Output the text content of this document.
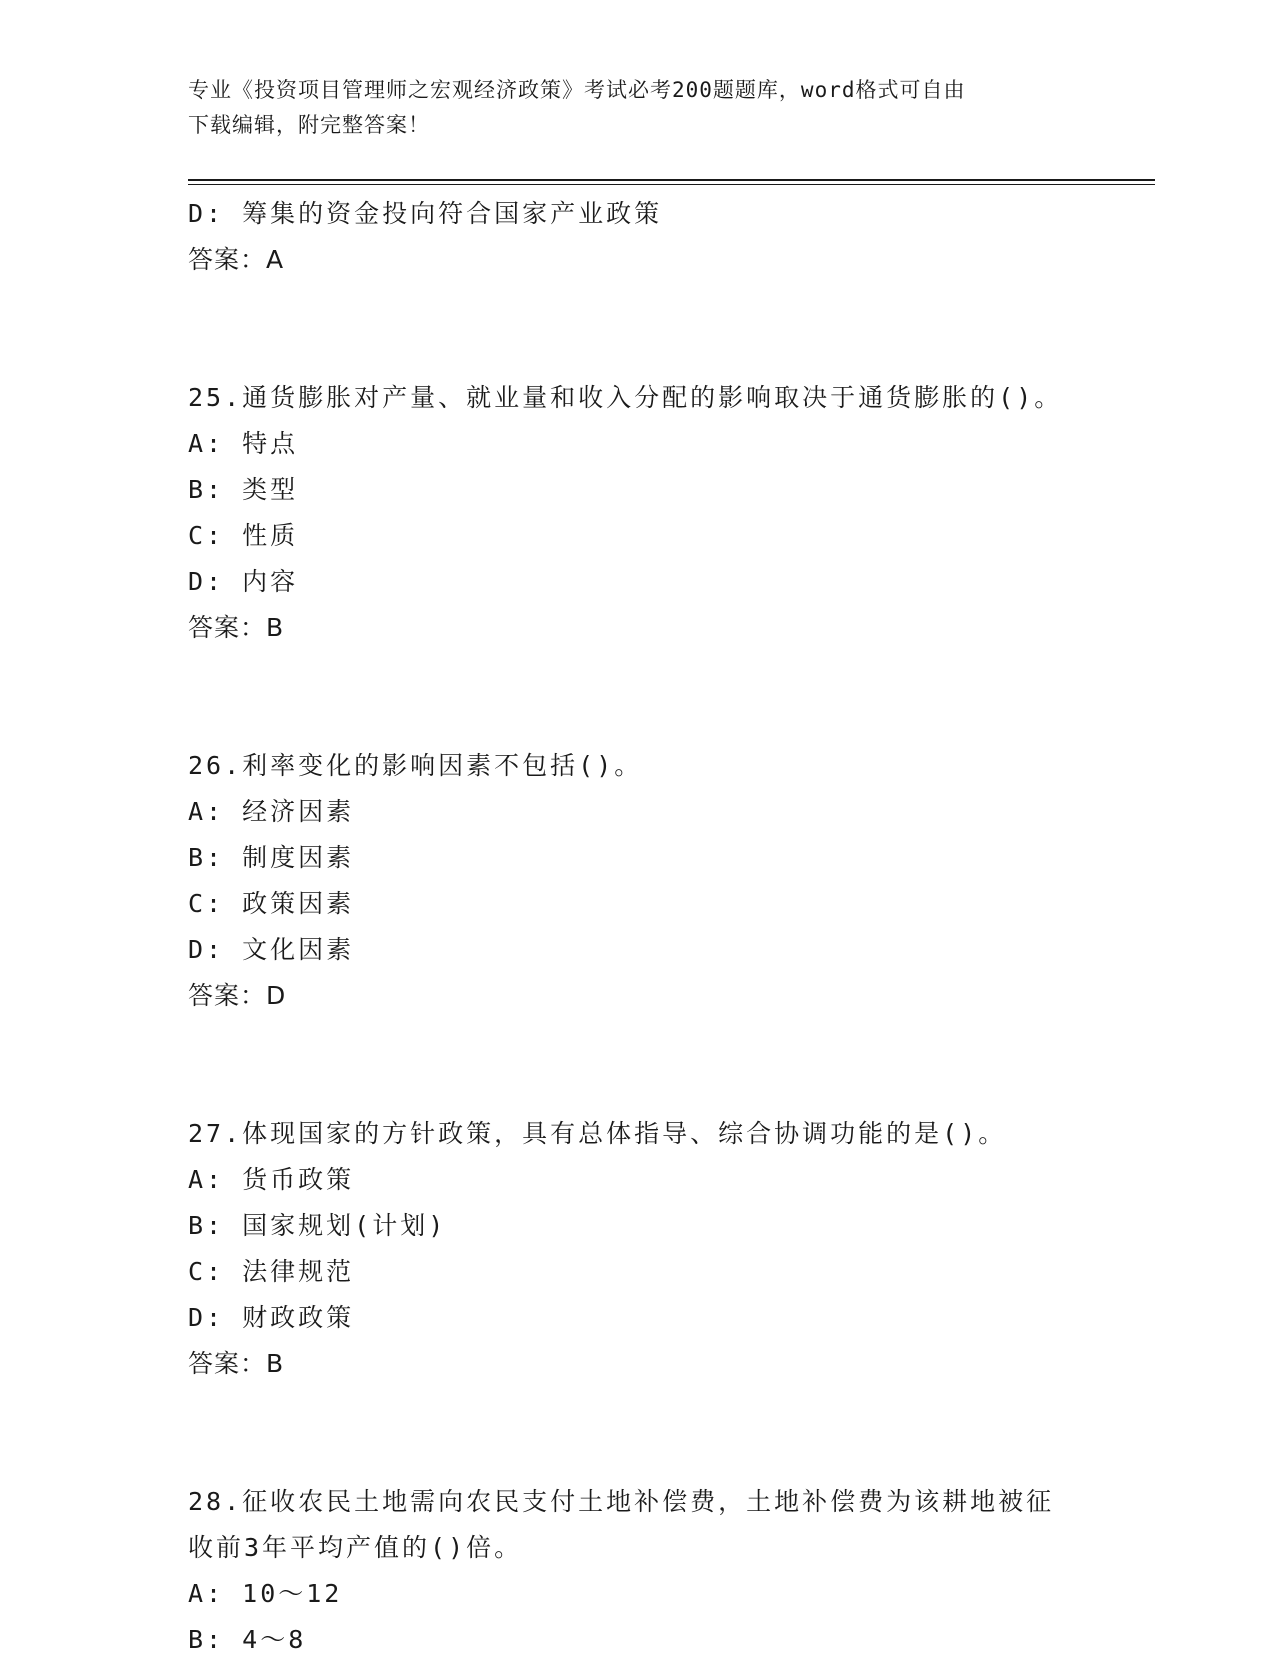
专业《投资项目管理师之宏观经济政策》考试必考200题题库，word格式可自由
下载编辑，附完整答案！
D: 筹集的资金投向符合国家产业政策
答案：A
25.通货膨胀对产量、就业量和收入分配的影响取决于通货膨胀的()。
A: 特点
B: 类型
C: 性质
D: 内容
答案：B
26.利率变化的影响因素不包括()。
A: 经济因素
B: 制度因素
C: 政策因素
D: 文化因素
答案：D
27.体现国家的方针政策，具有总体指导、综合协调功能的是()。
A: 货币政策
B: 国家规划(计划)
C: 法律规范
D: 财政政策
答案：B
28.征收农民土地需向农民支付土地补偿费，土地补偿费为该耕地被征
收前3年平均产值的()倍。
A: 10～12
B: 4～8
